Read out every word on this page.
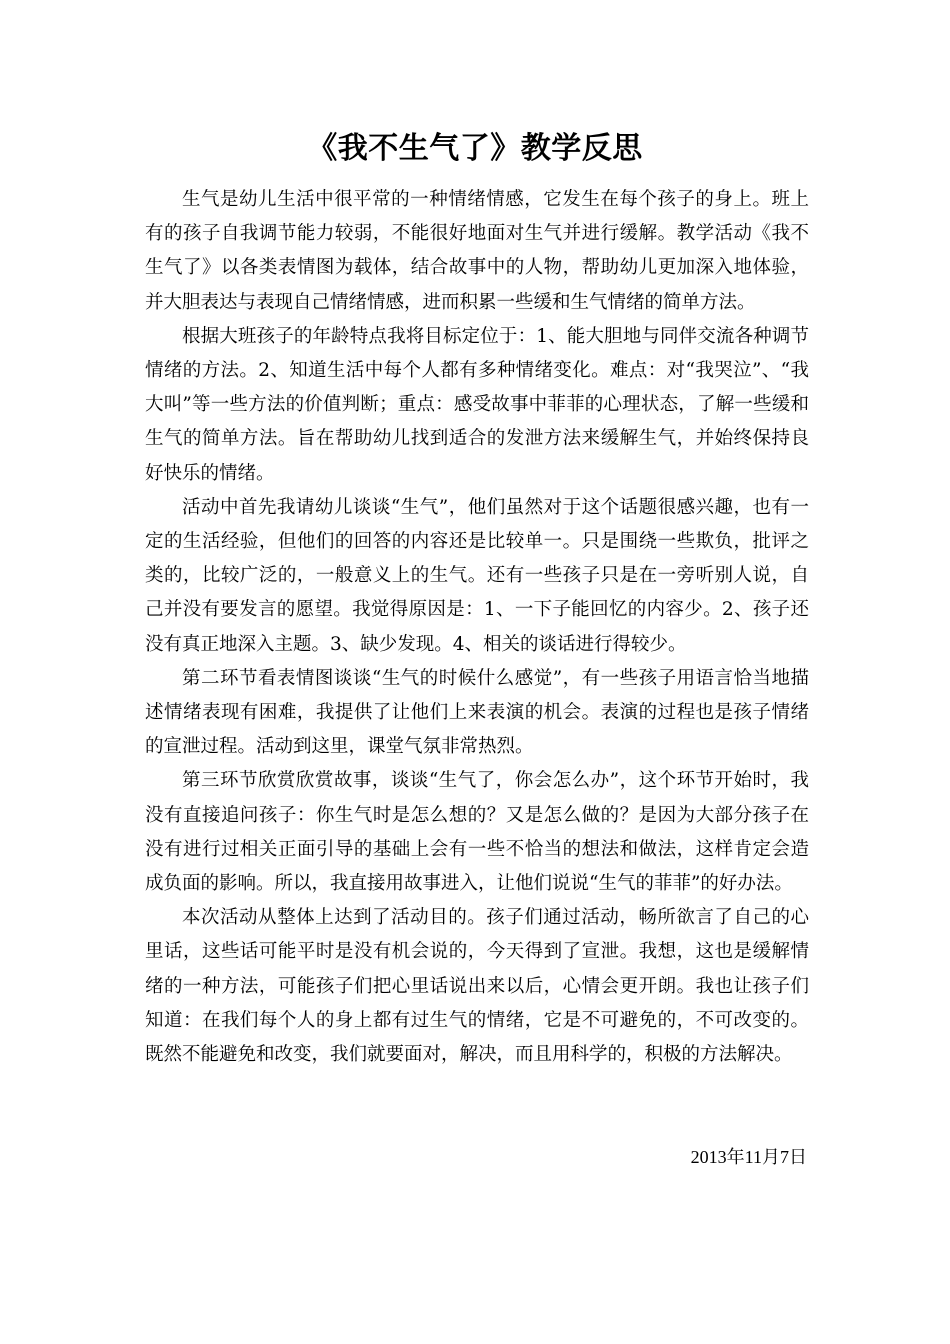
《我不生气了》教学反思

生气是幼儿生活中很平常的一种情绪情感，它发生在每个孩子的身上。班上有的孩子自我调节能力较弱，不能很好地面对生气并进行缓解。教学活动《我不生气了》以各类表情图为载体，结合故事中的人物，帮助幼儿更加深入地体验，并大胆表达与表现自己情绪情感，进而积累一些缓和生气情绪的简单方法。

根据大班孩子的年龄特点我将目标定位于：1、能大胆地与同伴交流各种调节情绪的方法。2、知道生活中每个人都有多种情绪变化。难点：对“我哭泣”、“我大叫”等一些方法的价值判断；重点：感受故事中菲菲的心理状态，了解一些缓和生气的简单方法。旨在帮助幼儿找到适合的发泄方法来缓解生气，并始终保持良好快乐的情绪。

活动中首先我请幼儿谈谈“生气”，他们虽然对于这个话题很感兴趣，也有一定的生活经验，但他们的回答的内容还是比较单一。只是围绕一些欺负，批评之类的，比较广泛的，一般意义上的生气。还有一些孩子只是在一旁听别人说，自己并没有要发言的愿望。我觉得原因是：1、一下子能回忆的内容少。2、孩子还没有真正地深入主题。3、缺少发现。4、相关的谈话进行得较少。

第二环节看表情图谈谈“生气的时候什么感觉”，有一些孩子用语言恰当地描述情绪表现有困难，我提供了让他们上来表演的机会。表演的过程也是孩子情绪的宣泄过程。活动到这里，课堂气氛非常热烈。

第三环节欣赏欣赏故事，谈谈“生气了，你会怎么办”，这个环节开始时，我没有直接追问孩子：你生气时是怎么想的？又是怎么做的？是因为大部分孩子在没有进行过相关正面引导的基础上会有一些不恰当的想法和做法，这样肯定会造成负面的影响。所以，我直接用故事进入，让他们说说“生气的菲菲”的好办法。

本次活动从整体上达到了活动目的。孩子们通过活动，畅所欲言了自己的心里话，这些话可能平时是没有机会说的，今天得到了宣泄。我想，这也是缓解情绪的一种方法，可能孩子们把心里话说出来以后，心情会更开朗。我也让孩子们知道：在我们每个人的身上都有过生气的情绪，它是不可避免的，不可改变的。既然不能避免和改变，我们就要面对，解决，而且用科学的，积极的方法解决。

2013年11月7日
